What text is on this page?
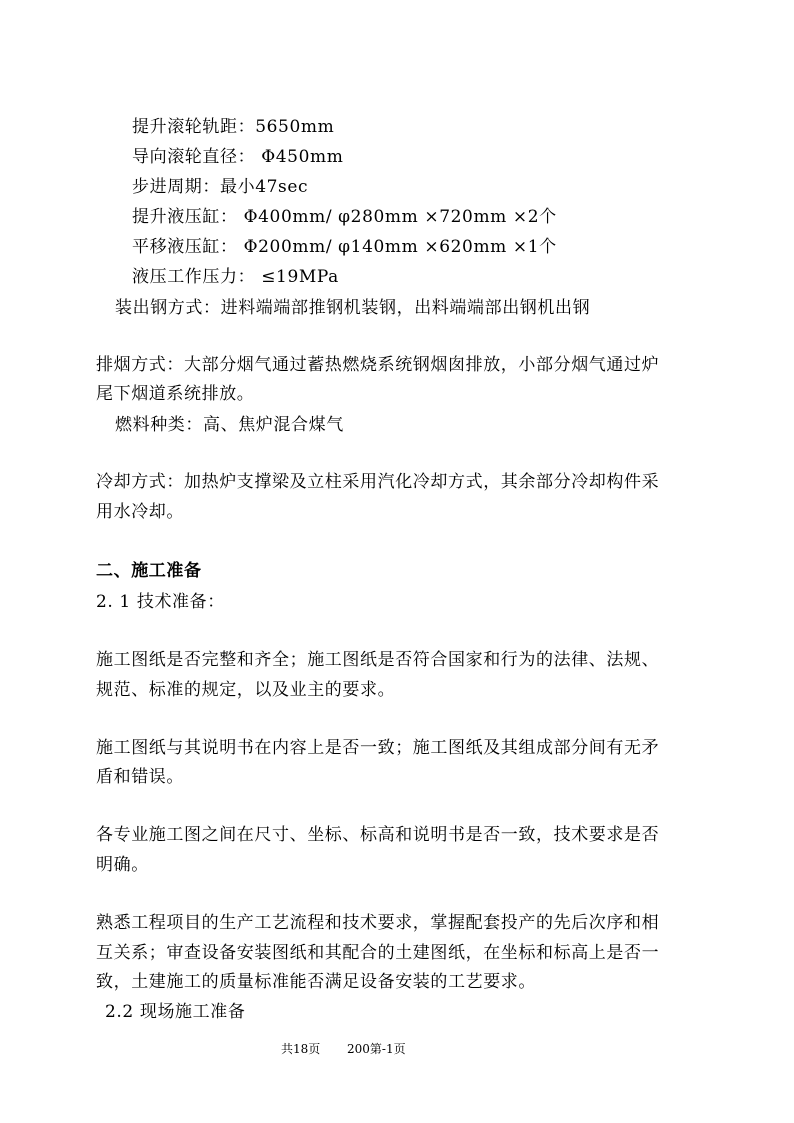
提升滚轮轨距：5650mm
导向滚轮直径： Φ450mm
步进周期：最小47sec
提升液压缸： Φ400mm/ φ280mm ×720mm ×2个
平移液压缸： Φ200mm/ φ140mm ×620mm ×1个
液压工作压力： ≤19MPa
装出钢方式：进料端端部推钢机装钢，出料端端部出钢机出钢
排烟方式：大部分烟气通过蓄热燃烧系统钢烟囱排放，小部分烟气通过炉
尾下烟道系统排放。
燃料种类：高、焦炉混合煤气
冷却方式：加热炉支撑梁及立柱采用汽化冷却方式，其余部分冷却构件采
用水冷却。
二、施工准备
2. 1 技术准备：
施工图纸是否完整和齐全；施工图纸是否符合国家和行为的法律、法规、
规范、标准的规定，以及业主的要求。
施工图纸与其说明书在内容上是否一致；施工图纸及其组成部分间有无矛
盾和错误。
各专业施工图之间在尺寸、坐标、标高和说明书是否一致，技术要求是否
明确。
熟悉工程项目的生产工艺流程和技术要求，掌握配套投产的先后次序和相
互关系；审查设备安装图纸和其配合的土建图纸，在坐标和标高上是否一
致，土建施工的质量标准能否满足设备安装的工艺要求。
2.2 现场施工准备
共18页 200第-1页
